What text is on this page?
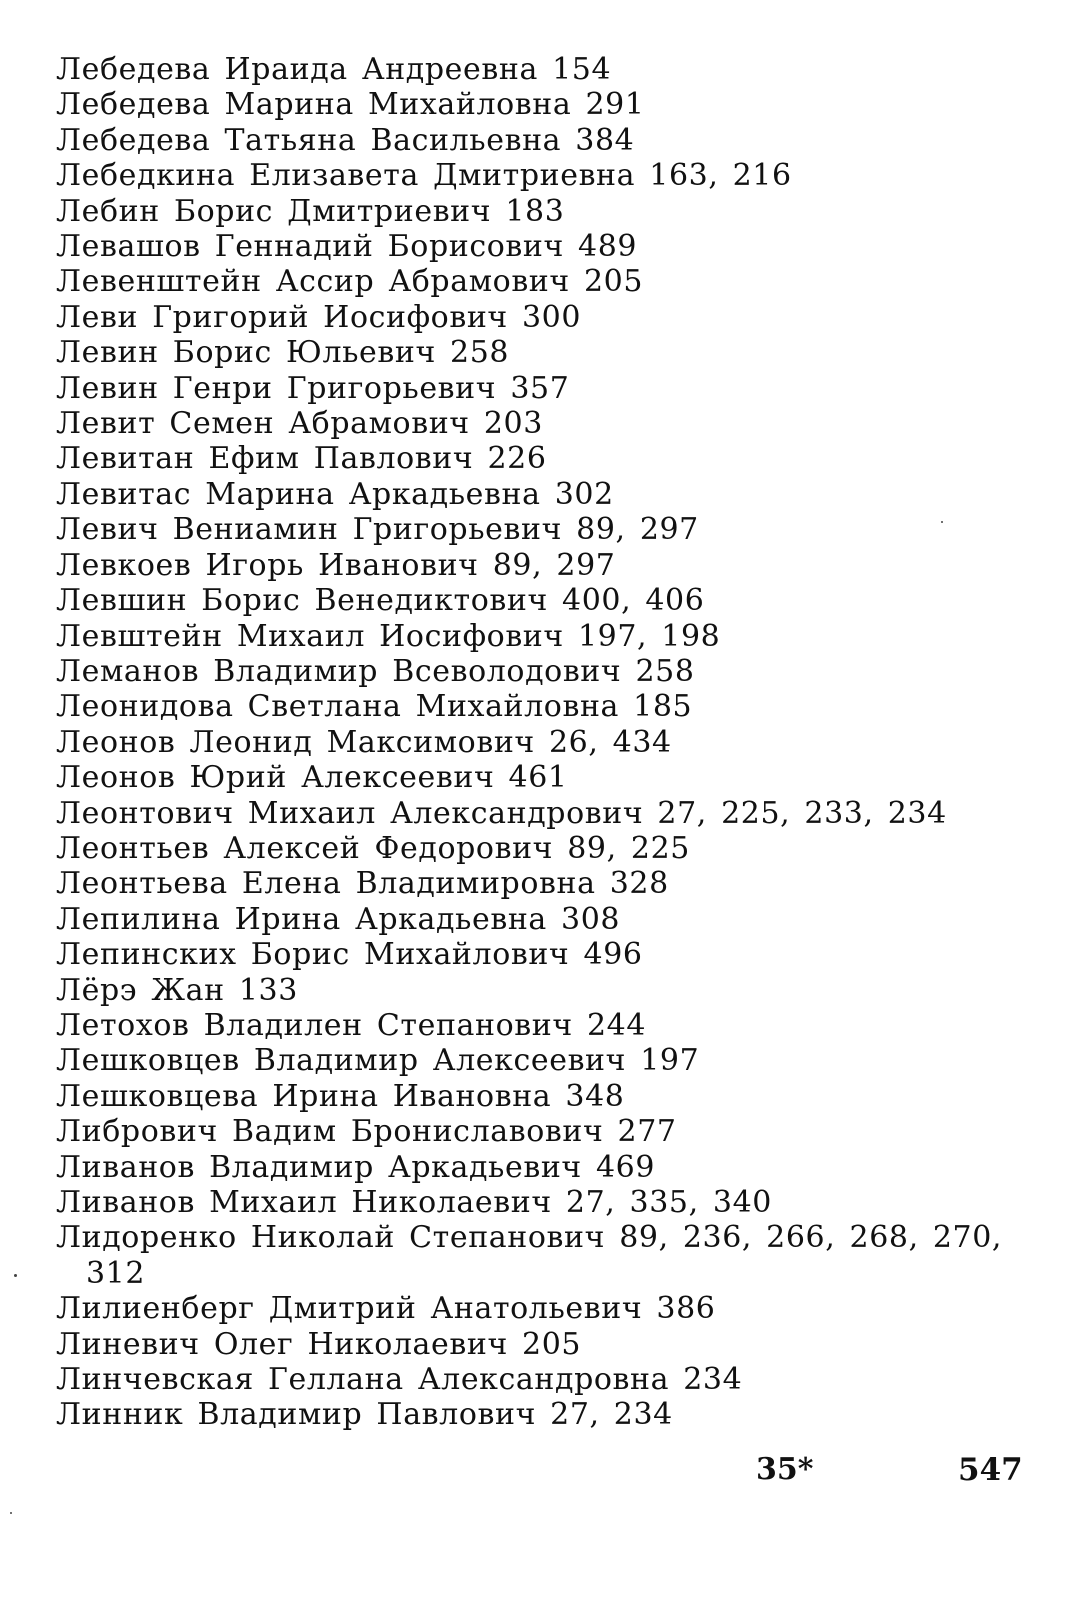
Лебедева Ираида Андреевна 154
Лебедева Марина Михайловна 291
Лебедева Татьяна Васильевна 384
Лебедкина Елизавета Дмитриевна 163, 216
Лебин Борис Дмитриевич 183
Левашов Геннадий Борисович 489
Левенштейн Ассир Абрамович 205
Леви Григорий Иосифович 300
Левин Борис Юльевич 258
Левин Генри Григорьевич 357
Левит Семен Абрамович 203
Левитан Ефим Павлович 226
Левитас Марина Аркадьевна 302
Левич Вениамин Григорьевич 89, 297
Левкоев Игорь Иванович 89, 297
Левшин Борис Венедиктович 400, 406
Левштейн Михаил Иосифович 197, 198
Леманов Владимир Всеволодович 258
Леонидова Светлана Михайловна 185
Леонов Леонид Максимович 26, 434
Леонов Юрий Алексеевич 461
Леонтович Михаил Александрович 27, 225, 233, 234
Леонтьев Алексей Федорович 89, 225
Леонтьева Елена Владимировна 328
Лепилина Ирина Аркадьевна 308
Лепинских Борис Михайлович 496
Лёрэ Жан 133
Летохов Владилен Степанович 244
Лешковцев Владимир Алексеевич 197
Лешковцева Ирина Ивановна 348
Либрович Вадим Брониславович 277
Ливанов Владимир Аркадьевич 469
Ливанов Михаил Николаевич 27, 335, 340
Лидоренко Николай Степанович 89, 236, 266, 268, 270, 312
Лилиенберг Дмитрий Анатольевич 386
Линевич Олег Николаевич 205
Линчевская Геллана Александровна 234
Линник Владимир Павлович 27, 234
35*	547
